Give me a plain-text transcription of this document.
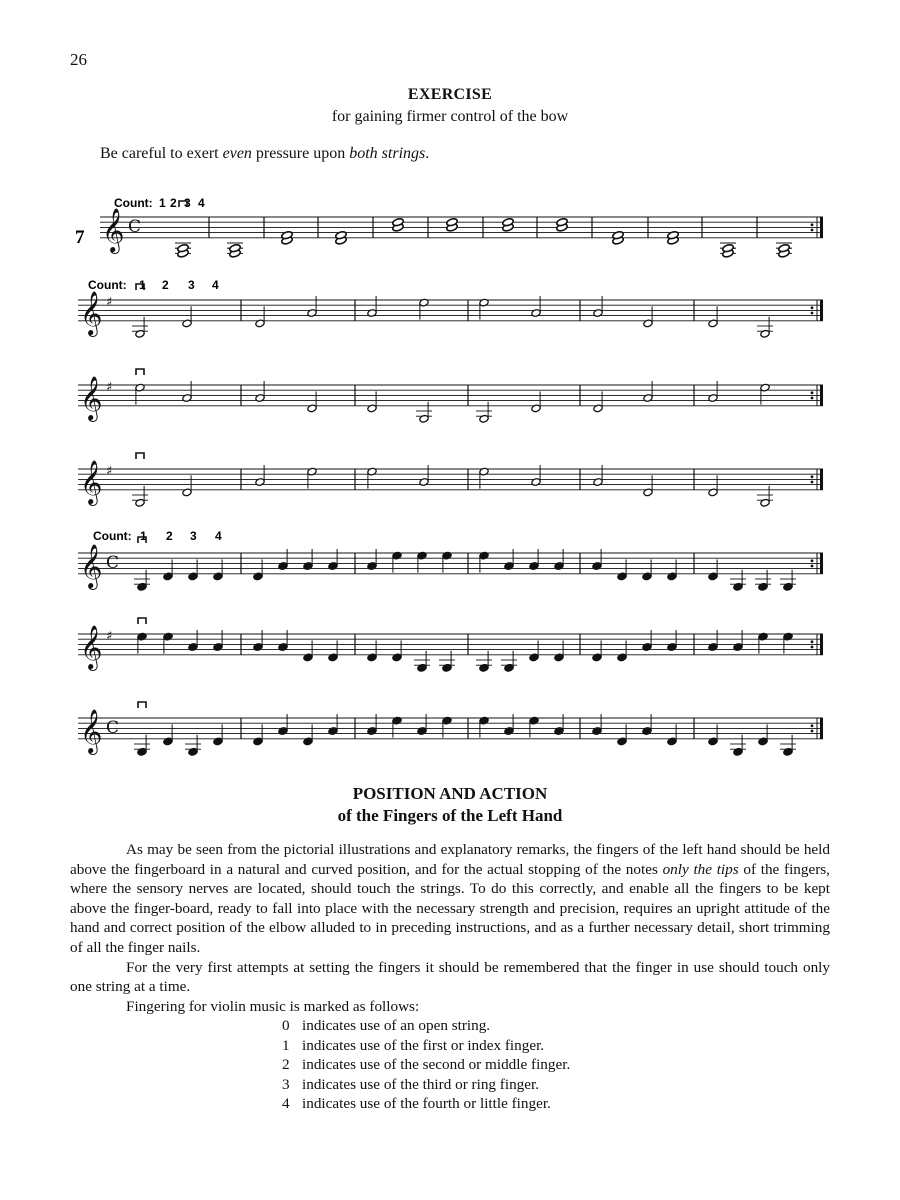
26
EXERCISE
for gaining firmer control of the bow
Be careful to exert even pressure upon both strings.
7
Count: 1 2 3 4
Count: 1 2 3 4
Count: 1 2 3 4
𝄞 C
𝄞 ♯
𝄞 ♯
𝄞 ♯
𝄞 C
𝄞 ♯
𝄞 C
POSITION AND ACTION
of the Fingers of the Left Hand

As may be seen from the pictorial illustrations and explanatory remarks, the fingers of the left hand should be held above the fingerboard in a natural and curved position, and for the actual stopping of the notes only the tips of the fingers, where the sensory nerves are located, should touch the strings. To do this correctly, and enable all the fingers to be kept above the finger-board, ready to fall into place with the necessary strength and precision, requires an upright attitude of the hand and correct position of the elbow alluded to in preceding instructions, and as a further necessary detail, short trimming of all the finger nails.

For the very first attempts at setting the fingers it should be remembered that the finger in use should touch only one string at a time.

Fingering for violin music is marked as follows:

0 indicates use of an open string.
1 indicates use of the first or index finger.
2 indicates use of the second or middle finger.
3 indicates use of the third or ring finger.
4 indicates use of the fourth or little finger.
